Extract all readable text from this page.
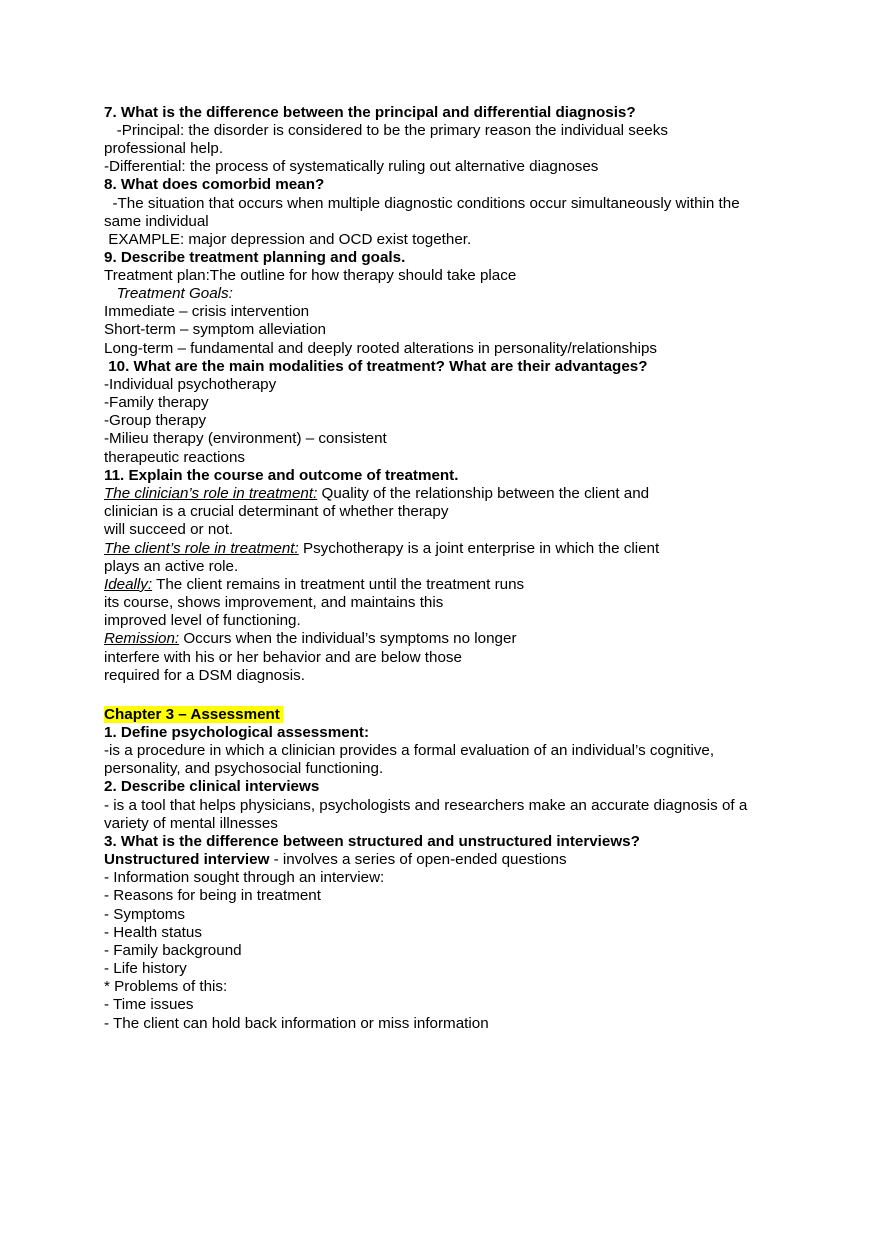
7. What is the difference between the principal and differential diagnosis?
-Principal: the disorder is considered to be the primary reason the individual seeks
professional help.
-Differential: the process of systematically ruling out alternative diagnoses
8. What does comorbid mean?
-The situation that occurs when multiple diagnostic conditions occur simultaneously within the
same individual
EXAMPLE: major depression and OCD exist together.
9. Describe treatment planning and goals.
Treatment plan:The outline for how therapy should take place
Treatment Goals:
Immediate – crisis intervention
Short-term – symptom alleviation
Long-term – fundamental and deeply rooted alterations in personality/relationships
10. What are the main modalities of treatment? What are their advantages?
-Individual psychotherapy
-Family therapy
-Group therapy
-Milieu therapy (environment) – consistent
therapeutic reactions
11. Explain the course and outcome of treatment.
The clinician’s role in treatment: Quality of the relationship between the client and
clinician is a crucial determinant of whether therapy
will succeed or not.
The client’s role in treatment: Psychotherapy is a joint enterprise in which the client
plays an active role.
Ideally: The client remains in treatment until the treatment runs
its course, shows improvement, and maintains this
improved level of functioning.
Remission: Occurs when the individual’s symptoms no longer
interfere with his or her behavior and are below those
required for a DSM diagnosis.
Chapter 3 – Assessment
1. Define psychological assessment:
-is a procedure in which a clinician provides a formal evaluation of an individual’s cognitive,
personality, and psychosocial functioning.
2. Describe clinical interviews
- is a tool that helps physicians, psychologists and researchers make an accurate diagnosis of a
variety of mental illnesses
3. What is the difference between structured and unstructured interviews?
Unstructured interview - involves a series of open-ended questions
- Information sought through an interview:
- Reasons for being in treatment
- Symptoms
- Health status
- Family background
- Life history
* Problems of this:
- Time issues
- The client can hold back information or miss information
